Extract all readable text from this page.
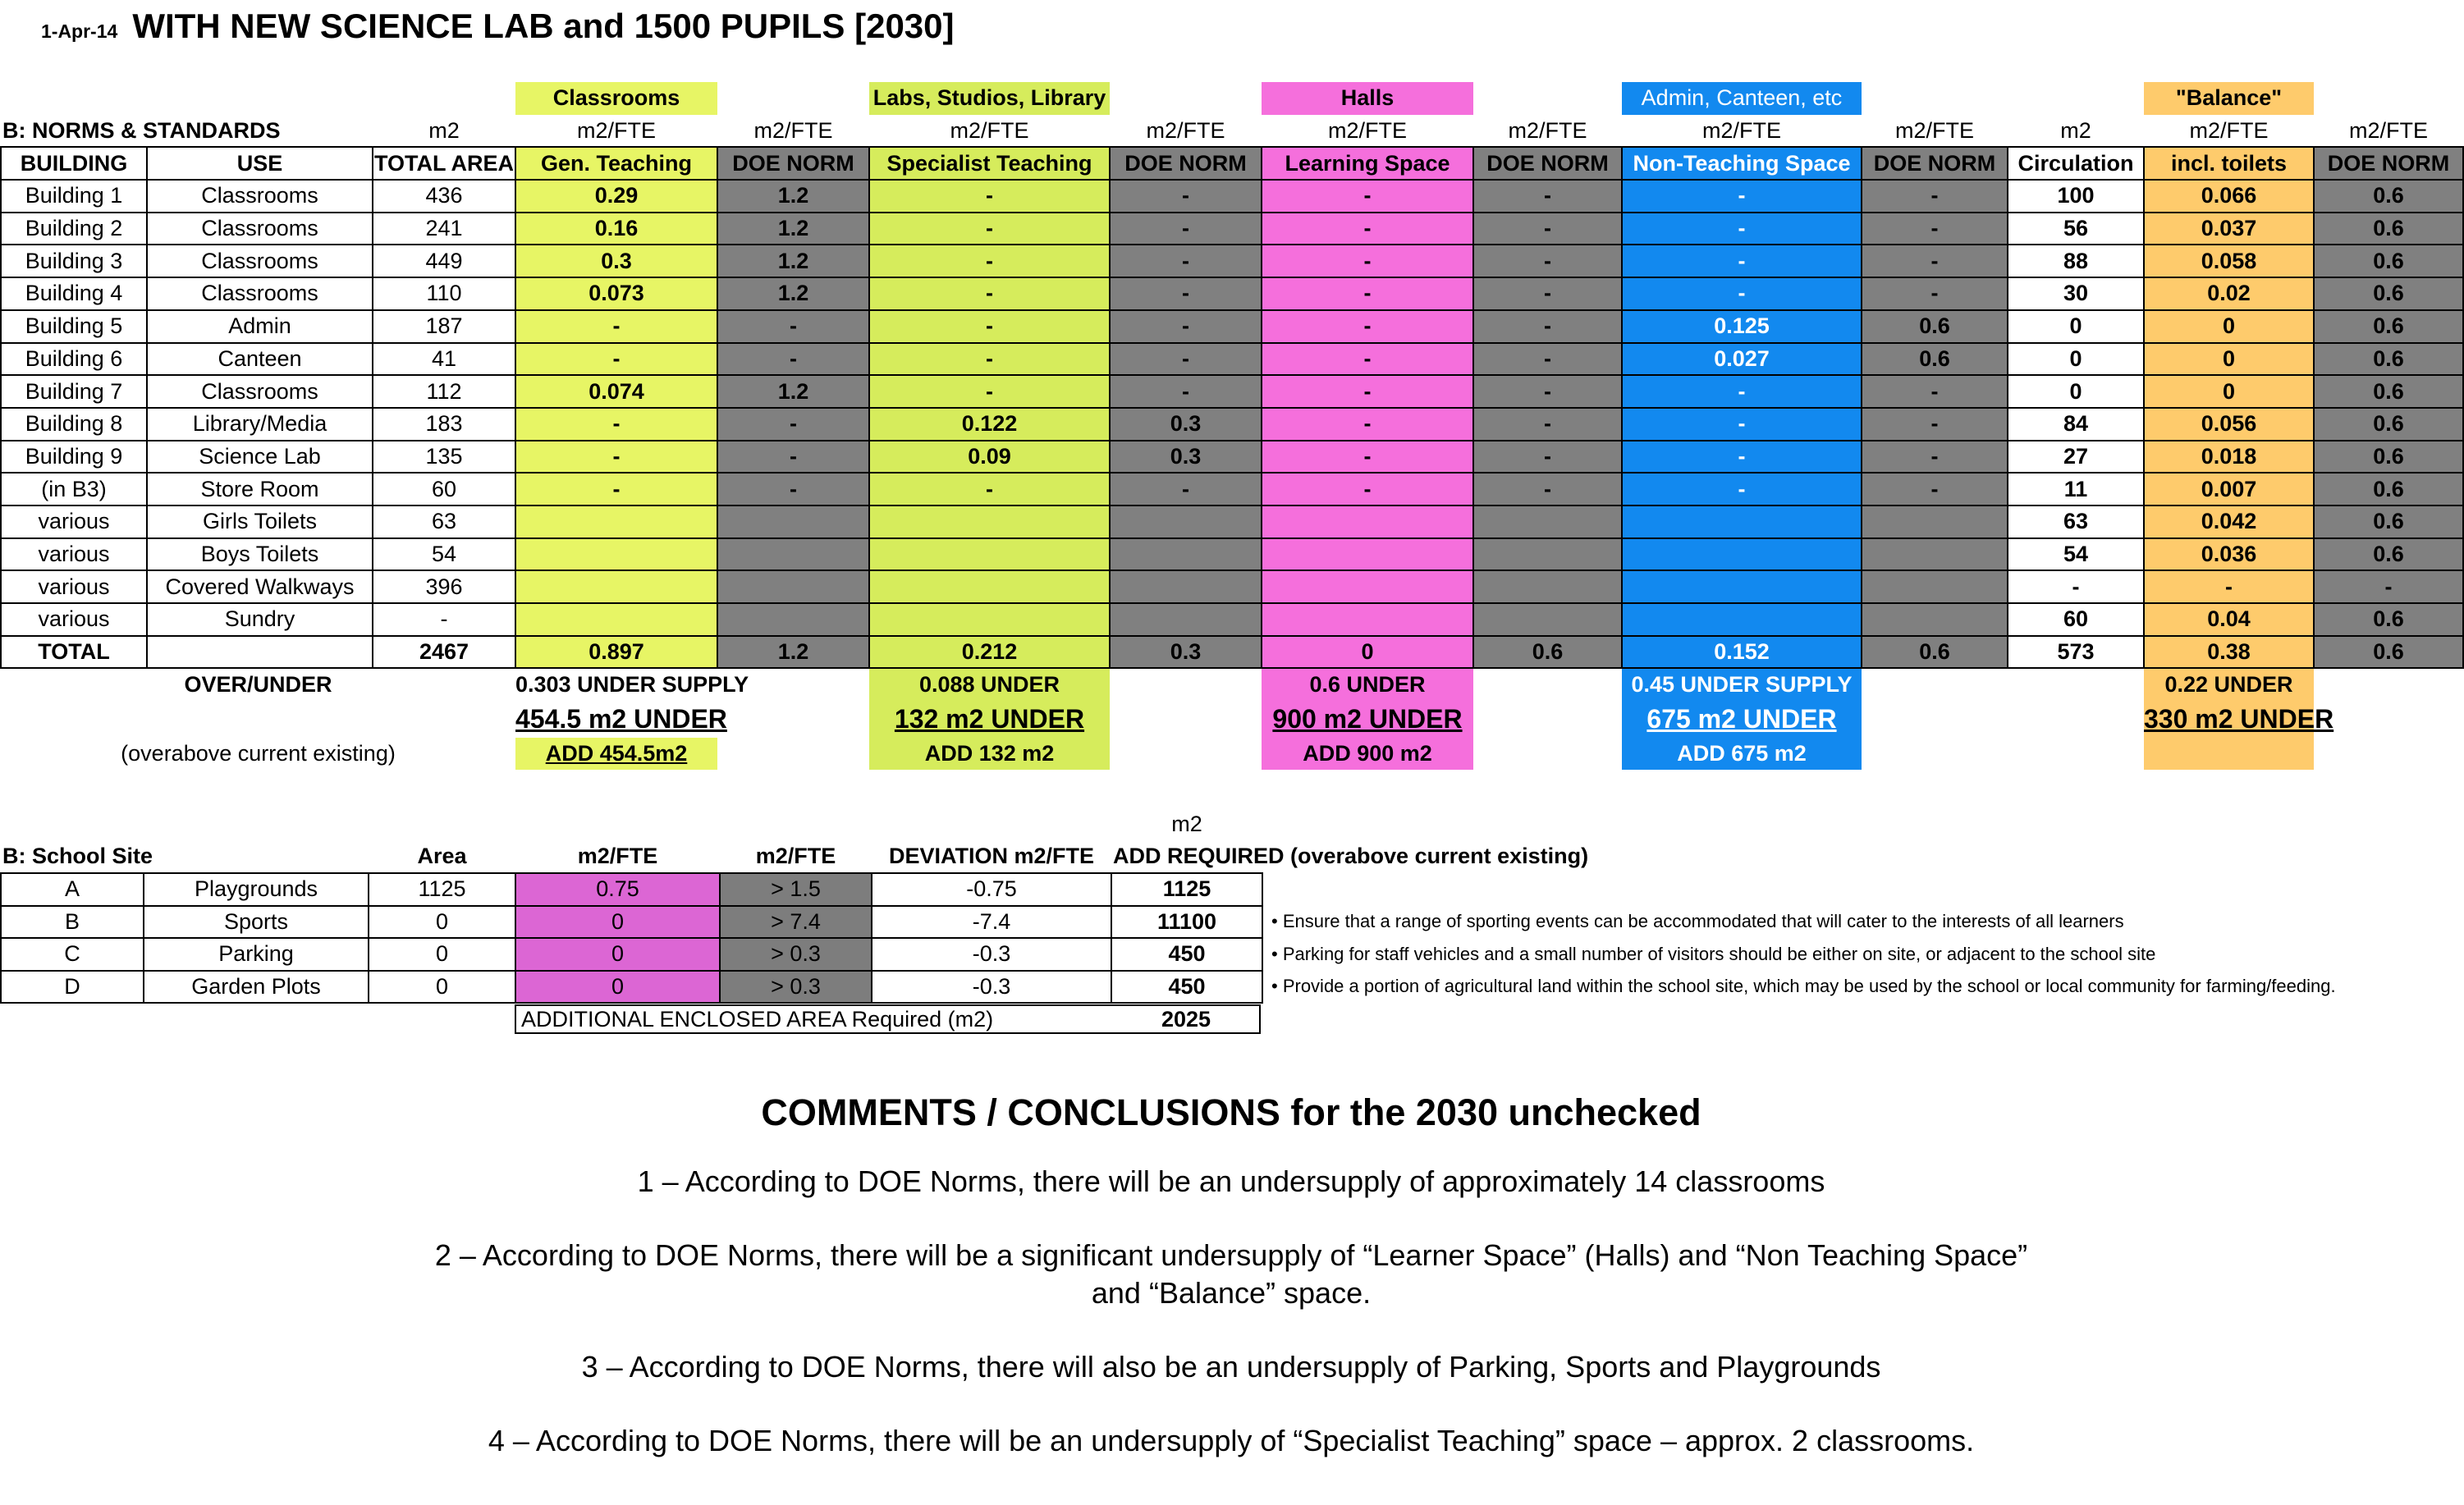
1-Apr-14 WITH NEW SCIENCE LAB and 1500 PUPILS [2030]
			Classrooms		Labs, Studios, Library		Halls		Admin, Canteen, etc			"Balance"	
B: NORMS & STANDARDS		m2	m2/FTE	m2/FTE	m2/FTE	m2/FTE	m2/FTE	m2/FTE	m2/FTE	m2/FTE	m2	m2/FTE	m2/FTE
BUILDING	USE	TOTAL AREA	Gen. Teaching	DOE NORM	Specialist Teaching	DOE NORM	Learning Space	DOE NORM	Non-Teaching Space	DOE NORM	Circulation	incl. toilets	DOE NORM
Building 1	Classrooms	436	0.29	1.2	-	-	-	-	-	-	100	0.066	0.6
Building 2	Classrooms	241	0.16	1.2	-	-	-	-	-	-	56	0.037	0.6
Building 3	Classrooms	449	0.3	1.2	-	-	-	-	-	-	88	0.058	0.6
Building 4	Classrooms	110	0.073	1.2	-	-	-	-	-	-	30	0.02	0.6
Building 5	Admin	187	-	-	-	-	-	-	0.125	0.6	0	0	0.6
Building 6	Canteen	41	-	-	-	-	-	-	0.027	0.6	0	0	0.6
Building 7	Classrooms	112	0.074	1.2	-	-	-	-	-	-	0	0	0.6
Building 8	Library/Media	183	-	-	0.122	0.3	-	-	-	-	84	0.056	0.6
Building 9	Science Lab	135	-	-	0.09	0.3	-	-	-	-	27	0.018	0.6
(in B3)	Store Room	60	-	-	-	-	-	-	-	-	11	0.007	0.6
various	Girls Toilets	63									63	0.042	0.6
various	Boys Toilets	54									54	0.036	0.6
various	Covered Walkways	396									-	-	-
various	Sundry	-									60	0.04	0.6
TOTAL		2467	0.897	1.2	0.212	0.3	0	0.6	0.152	0.6	573	0.38	0.6
OVER/UNDER			0.303 UNDER SUPPLY		0.088 UNDER		0.6 UNDER		0.45 UNDER SUPPLY			0.22 UNDER	
			454.5 m2 UNDER		132 m2 UNDER		900 m2 UNDER		675 m2 UNDER			330 m2 UNDER	
(overabove current existing)			ADD 454.5m2		ADD 132 m2		ADD 900 m2		ADD 675 m2				
						m2	
B: School Site		Area	m2/FTE	m2/FTE	DEVIATION m2/FTE	ADD REQUIRED (overabove current existing)	
A	Playgrounds	1125	0.75	> 1.5	-0.75	1125	
B	Sports	0	0	> 7.4	-7.4	11100	• Ensure that a range of sporting events can be accommodated that will cater to the interests of all learners
C	Parking	0	0	> 0.3	-0.3	450	• Parking for staff vehicles and a small number of visitors should be either on site, or adjacent to the school site
D	Garden Plots	0	0	> 0.3	-0.3	450	• Provide a portion of agricultural land within the school site, which may be used by the school or local community for farming/feeding.
ADDITIONAL ENCLOSED AREA Required (m2)	2025
COMMENTS / CONCLUSIONS for the 2030 unchecked

1 – According to DOE Norms, there will be an undersupply of approximately 14 classrooms

2 – According to DOE Norms, there will be a significant undersupply of “Learner Space” (Halls) and “Non Teaching Space”
and “Balance” space.

3 – According to DOE Norms, there will also be an undersupply of Parking, Sports and Playgrounds

4 – According to DOE Norms, there will be an undersupply of “Specialist Teaching” space – approx. 2 classrooms.
